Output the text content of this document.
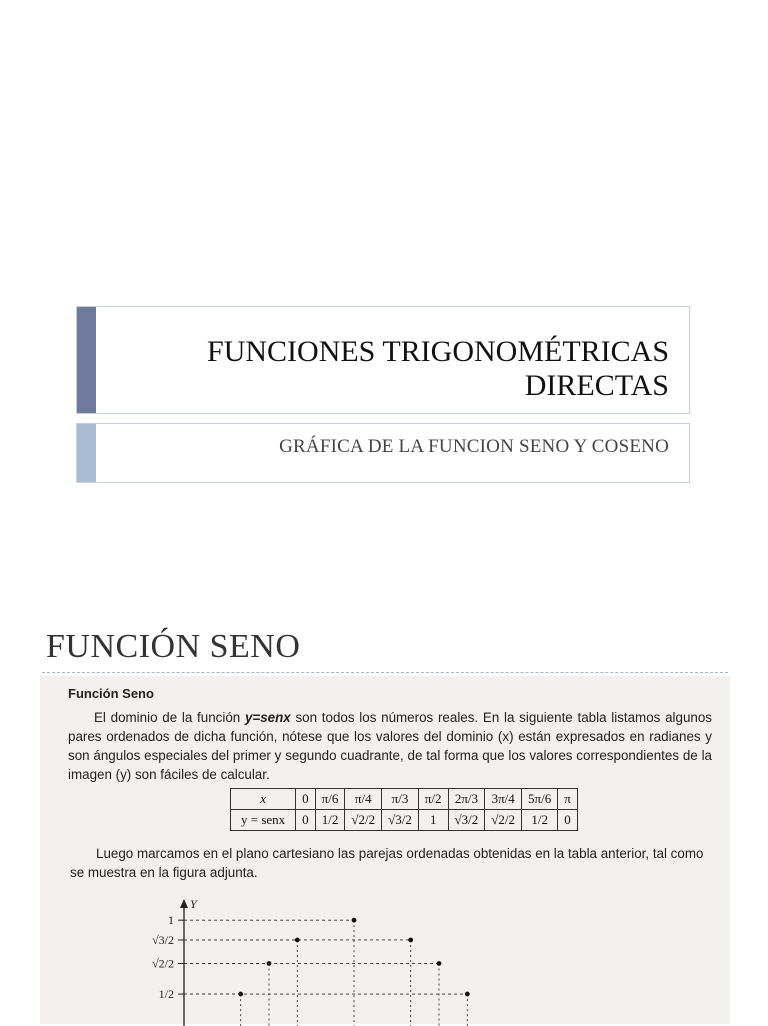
FUNCIONES TRIGONOMÉTRICAS
DIRECTAS
GRÁFICA DE LA FUNCION SENO Y COSENO
FUNCIÓN SENO
Función Seno
El dominio de la función y=senx son todos los números reales. En la siguiente tabla listamos algunos pares ordenados de dicha función, nótese que los valores del dominio (x) están expresados en radianes y son ángulos especiales del primer y segundo cuadrante, de tal forma que los valores correspondientes de la imagen (y) son fáciles de calcular.
x	0	π/6	π/4	π/3	π/2	2π/3	3π/4	5π/6	π
y = senx	0	1/2	√2/2	√3/2	1	√3/2	√2/2	1/2	0
Luego marcamos en el plano cartesiano las parejas ordenadas obtenidas en la tabla anterior, tal como se muestra en la figura adjunta.
Y
1
√3/2
√2/2
1/2
